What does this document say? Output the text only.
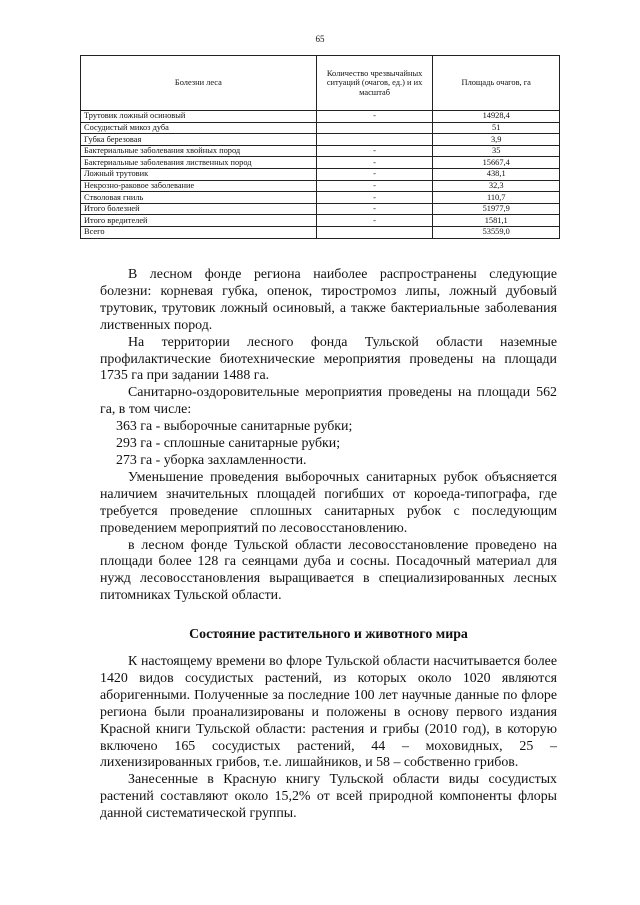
65
Болезни леса	Количество чрезвычайных ситуаций (очагов, ед.) и их масштаб	Площадь очагов, га
Трутовик ложный осиновый	-	14928,4
Сосудистый микоз дуба		51
Губка березовая		3,9
Бактериальные заболевания хвойных пород	-	35
Бактериальные заболевания лиственных пород	-	15667,4
Ложный трутовик	-	438,1
Некрозно-раковое заболевание	-	32,3
Стволовая гниль	-	110,7
Итого болезней	-	51977,9
Итого вредителей	-	1581,1
Всего		53559,0

В лесном фонде региона наиболее распространены следующие болезни: корневая губка, опенок, тиростромоз липы, ложный дубовый трутовик, трутовик ложный осиновый, а также бактериальные заболевания лиственных пород.

На территории лесного фонда Тульской области наземные профилактические биотехнические мероприятия проведены на площади 1735 га при задании 1488 га.

Санитарно-оздоровительные мероприятия проведены на площади 562 га, в том числе:

363 га - выборочные санитарные рубки;

293 га - сплошные санитарные рубки;

273 га - уборка захламленности.

Уменьшение проведения выборочных санитарных рубок объясняется наличием значительных площадей погибших от короеда-типографа, где требуется проведение сплошных санитарных рубок с последующим проведением мероприятий по лесовосстановлению.

в лесном фонде Тульской области лесовосстановление проведено на площади более 128 га сеянцами дуба и сосны. Посадочный материал для нужд лесовосстановления выращивается в специализированных лесных питомниках Тульской области.

Состояние растительного и животного мира

К настоящему времени во флоре Тульской области насчитывается более 1420 видов сосудистых растений, из которых около 1020 являются аборигенными. Полученные за последние 100 лет научные данные по флоре региона были проанализированы и положены в основу первого издания Красной книги Тульской области: растения и грибы (2010 год), в которую включено 165 сосудистых растений, 44 – моховидных, 25 – лихенизированных грибов, т.е. лишайников, и 58 – собственно грибов.

Занесенные в Красную книгу Тульской области виды сосудистых растений составляют около 15,2% от всей природной компоненты флоры данной систематической группы.
